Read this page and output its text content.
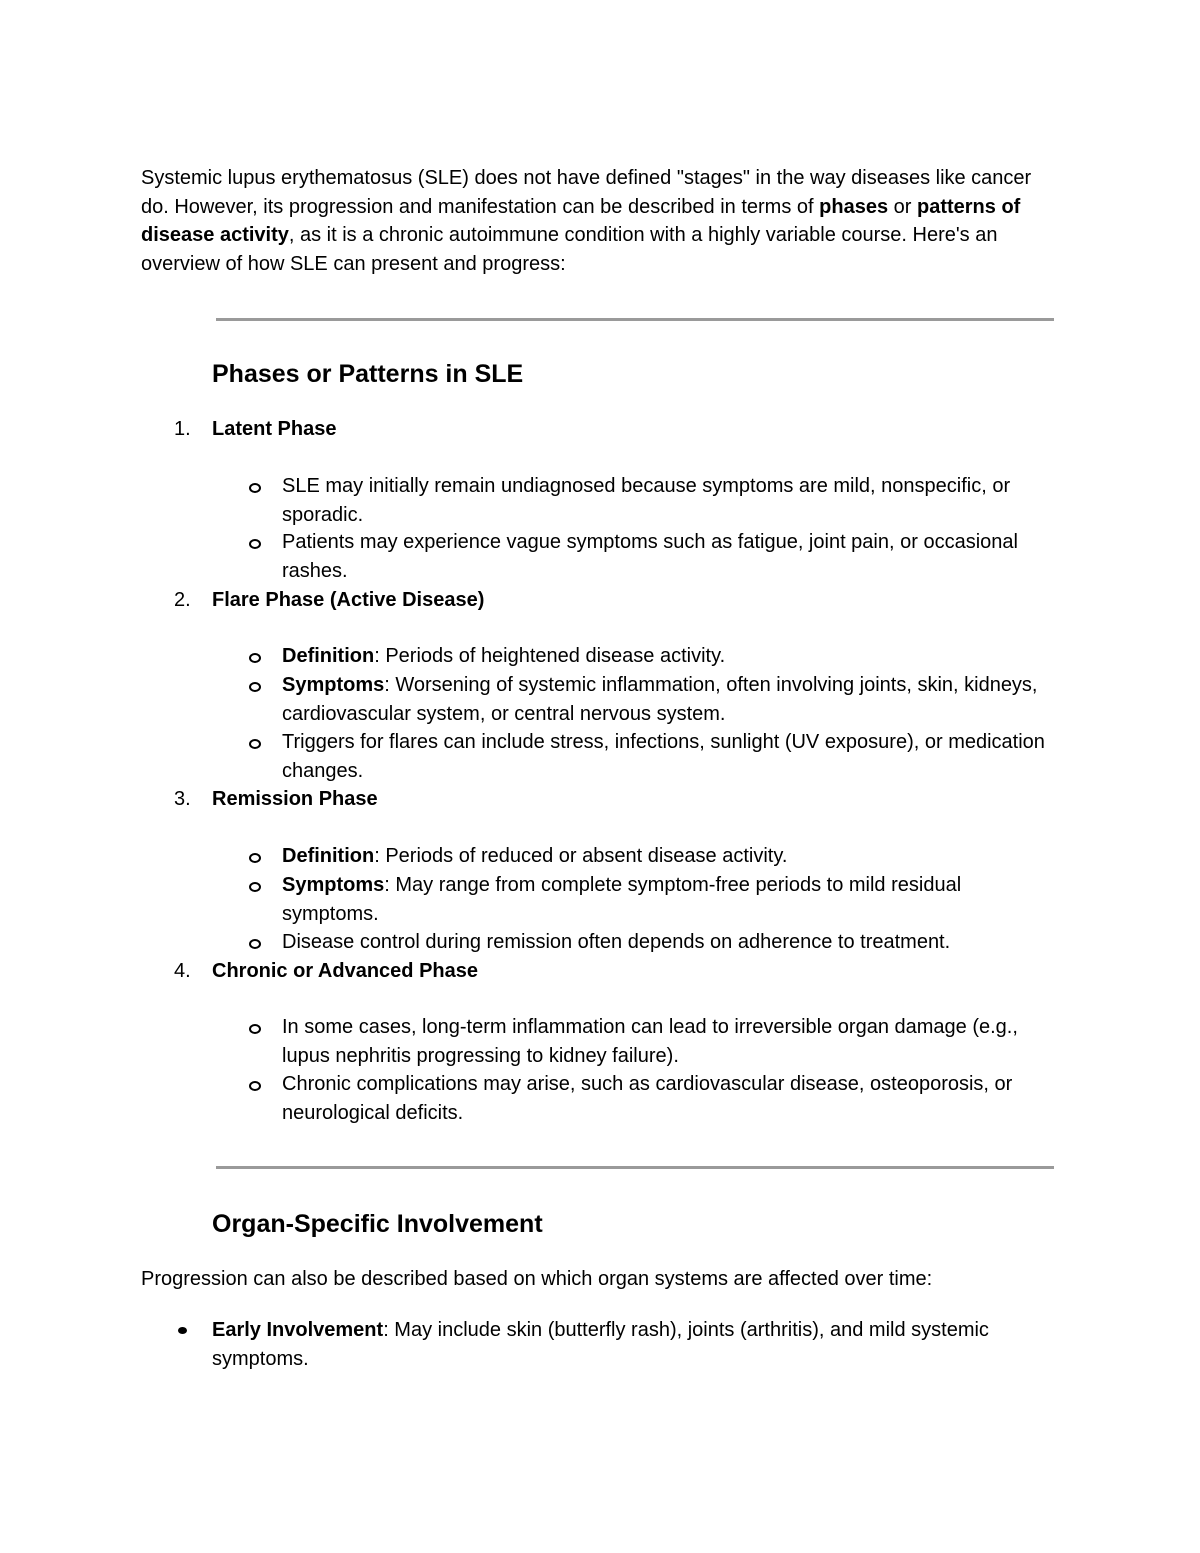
Systemic lupus erythematosus (SLE) does not have defined "stages" in the way diseases like cancer do. However, its progression and manifestation can be described in terms of phases or patterns of disease activity, as it is a chronic autoimmune condition with a highly variable course. Here's an overview of how SLE can present and progress:

Phases or Patterns in SLE
1. Latent Phase
SLE may initially remain undiagnosed because symptoms are mild, nonspecific, or sporadic.
Patients may experience vague symptoms such as fatigue, joint pain, or occasional rashes.
2. Flare Phase (Active Disease)
Definition: Periods of heightened disease activity.
Symptoms: Worsening of systemic inflammation, often involving joints, skin, kidneys, cardiovascular system, or central nervous system.
Triggers for flares can include stress, infections, sunlight (UV exposure), or medication changes.
3. Remission Phase
Definition: Periods of reduced or absent disease activity.
Symptoms: May range from complete symptom-free periods to mild residual symptoms.
Disease control during remission often depends on adherence to treatment.
4. Chronic or Advanced Phase
In some cases, long-term inflammation can lead to irreversible organ damage (e.g., lupus nephritis progressing to kidney failure).
Chronic complications may arise, such as cardiovascular disease, osteoporosis, or neurological deficits.
Organ-Specific Involvement

Progression can also be described based on which organ systems are affected over time:

Early Involvement: May include skin (butterfly rash), joints (arthritis), and mild systemic symptoms.
